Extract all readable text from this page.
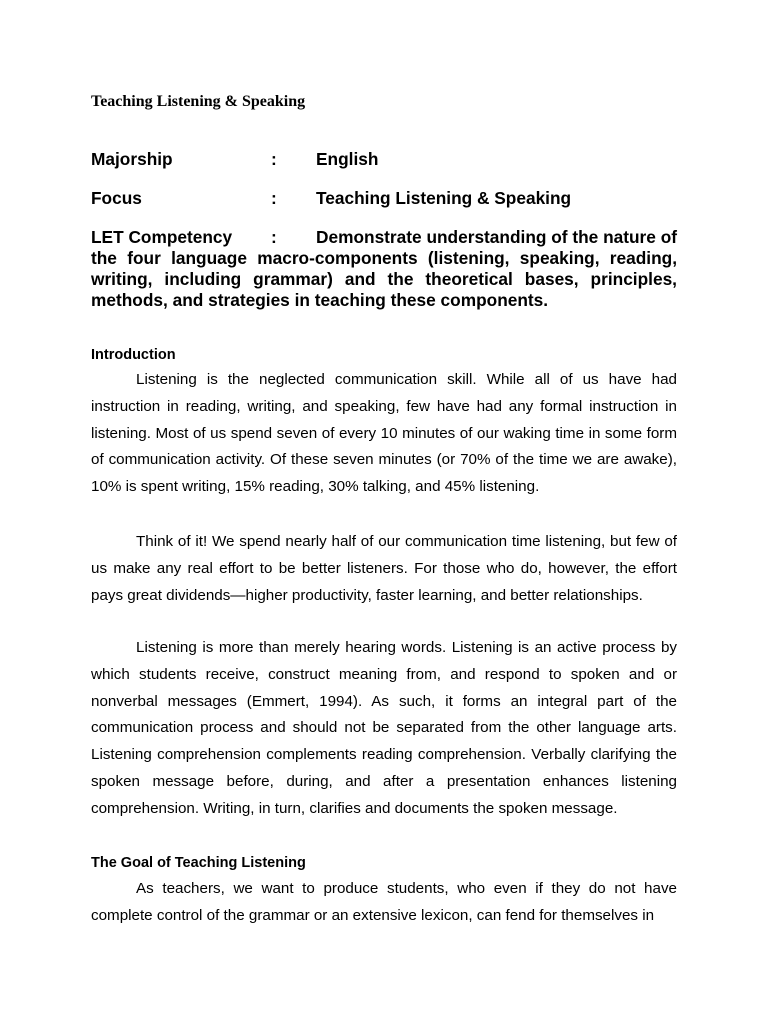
Teaching Listening & Speaking
Majorship	: English
Focus	: Teaching Listening & Speaking
LET Competency : Demonstrate understanding of the nature of the four language macro-components (listening, speaking, reading, writing, including grammar) and the theoretical bases, principles, methods, and strategies in teaching these components.
Introduction

Listening is the neglected communication skill. While all of us have had instruction in reading, writing, and speaking, few have had any formal instruction in listening. Most of us spend seven of every 10 minutes of our waking time in some form of communication activity. Of these seven minutes (or 70% of the time we are awake), 10% is spent writing, 15% reading, 30% talking, and 45% listening.

Think of it! We spend nearly half of our communication time listening, but few of us make any real effort to be better listeners. For those who do, however, the effort pays great dividends—higher productivity, faster learning, and better relationships.

Listening is more than merely hearing words. Listening is an active process by which students receive, construct meaning from, and respond to spoken and or nonverbal messages (Emmert, 1994). As such, it forms an integral part of the communication process and should not be separated from the other language arts. Listening comprehension complements reading comprehension. Verbally clarifying the spoken message before, during, and after a presentation enhances listening comprehension. Writing, in turn, clarifies and documents the spoken message.

The Goal of Teaching Listening

As teachers, we want to produce students, who even if they do not have complete control of the grammar or an extensive lexicon, can fend for themselves in
